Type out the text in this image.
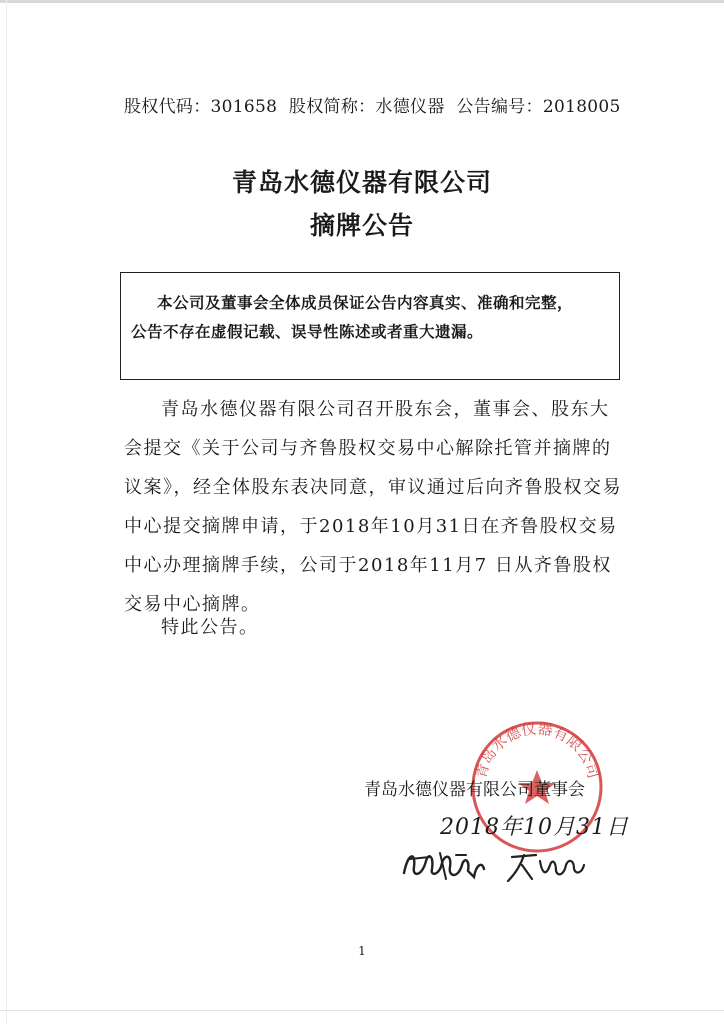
股权代码：301658 股权简称：水德仪器 公告编号：2018005
青岛水德仪器有限公司
摘牌公告

本公司及董事会全体成员保证公告内容真实、准确和完整，

公告不存在虚假记载、误导性陈述或者重大遗漏。

青岛水德仪器有限公司召开股东会，董事会、股东大会提交《关于公司与齐鲁股权交易中心解除托管并摘牌的议案》，经全体股东表决同意，审议通过后向齐鲁股权交易中心提交摘牌申请，于2018年10月31日在齐鲁股权交易中心办理摘牌手续，公司于2018年11月7 日从齐鲁股权交易中心摘牌。

特此公告。
青岛水德仪器有限公司
青岛水德仪器有限公司董事会
2018年10月31日
1
